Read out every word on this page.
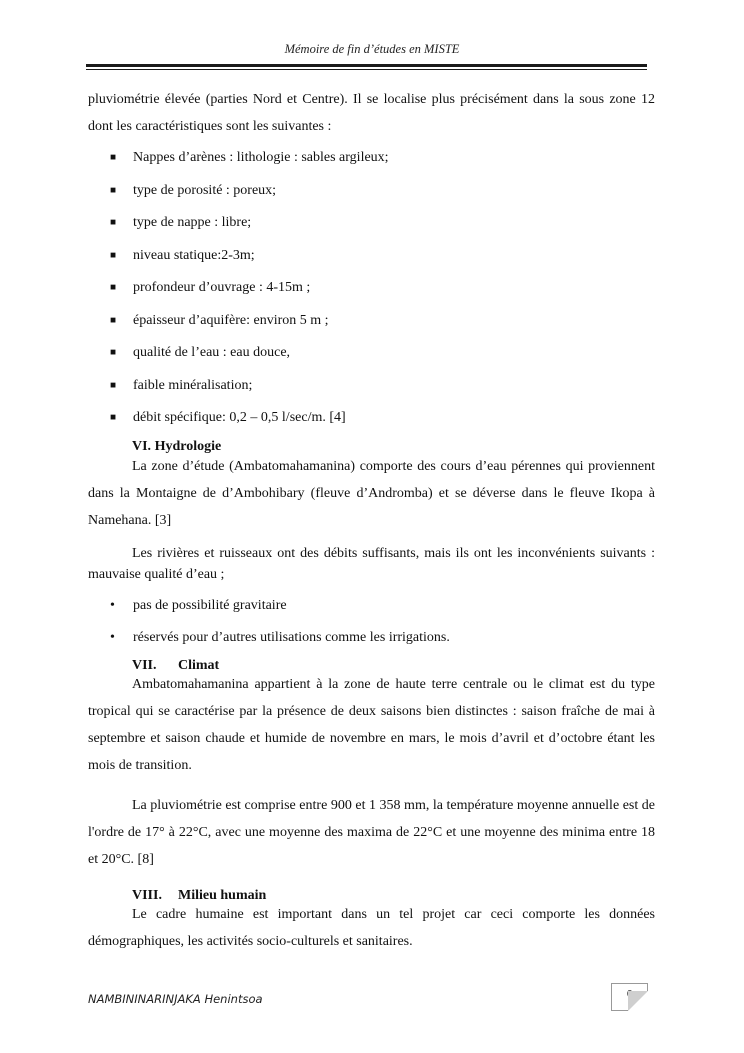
Mémoire de fin d’études en MISTE

pluviométrie élevée (parties Nord et Centre). Il se localise plus précisément dans la sous zone 12 dont les caractéristiques sont les suivantes :

■ Nappes d’arènes : lithologie : sables argileux;
■ type de porosité : poreux;
■ type de nappe : libre;
■ niveau statique:2-3m;
■ profondeur d’ouvrage : 4-15m ;
■ épaisseur d’aquifère: environ 5 m ;
■ qualité de l’eau : eau douce,
■ faible minéralisation;
■ débit spécifique: 0,2 – 0,5 l/sec/m. [4]

VI. Hydrologie

La zone d’étude (Ambatomahamanina) comporte des cours d’eau pérennes qui proviennent dans la Montaigne de d’Ambohibary (fleuve d’Andromba) et se déverse dans le fleuve Ikopa à Namehana. [3]

Les rivières et ruisseaux ont des débits suffisants, mais ils ont les inconvénients suivants : mauvaise qualité d’eau ;

• pas de possibilité gravitaire
• réservés pour d’autres utilisations comme les irrigations.

VII. Climat

Ambatomahamanina appartient à la zone de haute terre centrale ou le climat est du type tropical qui se caractérise par la présence de deux saisons bien distinctes : saison fraîche de mai à septembre et saison chaude et humide de novembre en mars, le mois d’avril et d’octobre étant les mois de transition.

La pluviométrie est comprise entre 900 et 1 358 mm, la température moyenne annuelle est de l'ordre de 17° à 22°C, avec une moyenne des maxima de 22°C et une moyenne des minima entre 18 et 20°C. [8]

VIII. Milieu humain

Le cadre humaine est important dans un tel projet car ceci comporte les données démographiques, les activités socio-culturels et sanitaires.

NAMBININARINJAKA Henintsoa	6
